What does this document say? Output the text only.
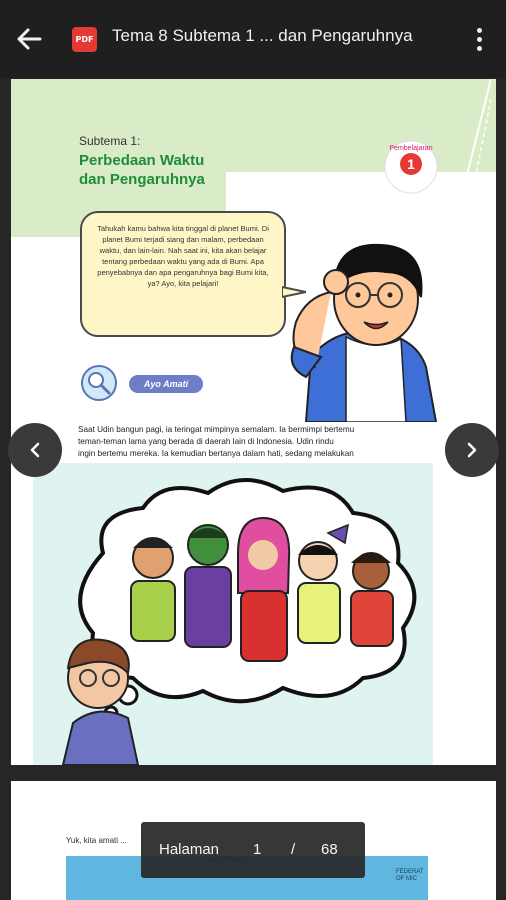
PDF Tema 8 Subtema 1 ... dan Pengaruhnya
Subtema 1:
Perbedaan Waktu
dan Pengaruhnya
Pembelajaran
1
Tahukah kamu bahwa kita tinggal di planet Bumi. Di planet Bumi terjadi siang dan malam, perbedaan waktu, dan lain-lain. Nah saat ini, kita akan belajar tentang perbedaan waktu yang ada di Bumi. Apa penyebabnya dan apa pengaruhnya bagi Bumi kita, ya? Ayo, kita pelajari!
Ayo Amati
Saat Udin bangun pagi, ia teringat mimpinya semalam. Ia bermimpi bertemu
teman-teman lama yang berada di daerah lain di Indonesia. Udin rindu
ingin bertemu mereka. Ia kemudian bertanya dalam hati, sedang melakukan
Yuk, kita amati ...
FEDERAT OF MIC
Halaman 1 / 68
